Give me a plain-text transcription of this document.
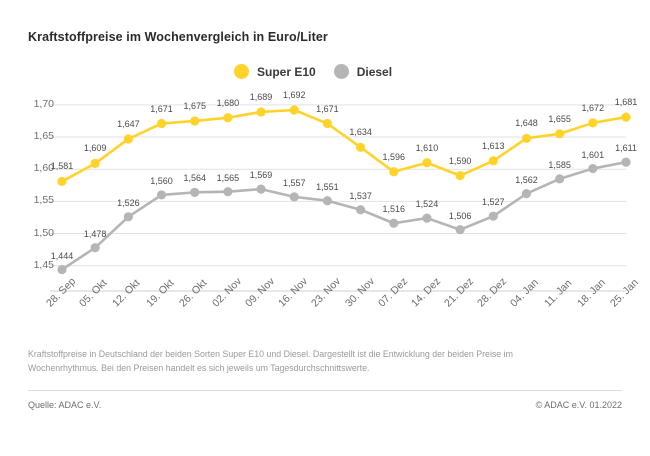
Kraftstoffpreise im Wochenvergleich in Euro/Liter
Super E10	Diesel
1,45
1,50
1,55
1,60
1,65
1,70
28. Sep 05. Okt 12. Okt 19. Okt 26. Okt 02. Nov 09. Nov 16. Nov 23. Nov 30. Nov 07. Dez 14. Dez 21. Dez 28. Dez 04. Jan 11. Jan 18. Jan 25. Jan
1,444
1,478
1,526
1,560 1,564 1,565 1,569
1,557 1,551
1,537
1,516
1,524
1,506
1,527
1,562
1,585
1,601
1,611
1,581
1,609
1,647
1,671 1,675 1,680
1,689 1,692
1,671
1,634
1,596
1,610
1,590
1,613
1,648 1,655
1,672
1,681
Kraftstoffpreise in Deutschland der beiden Sorten Super E10 und Diesel. Dargestellt ist die Entwicklung der beiden Preise im Wochenrhythmus. Bei den Preisen handelt es sich jeweils um Tagesdurchschnittswerte.
Quelle: ADAC e.V.	© ADAC e.V. 01.2022
